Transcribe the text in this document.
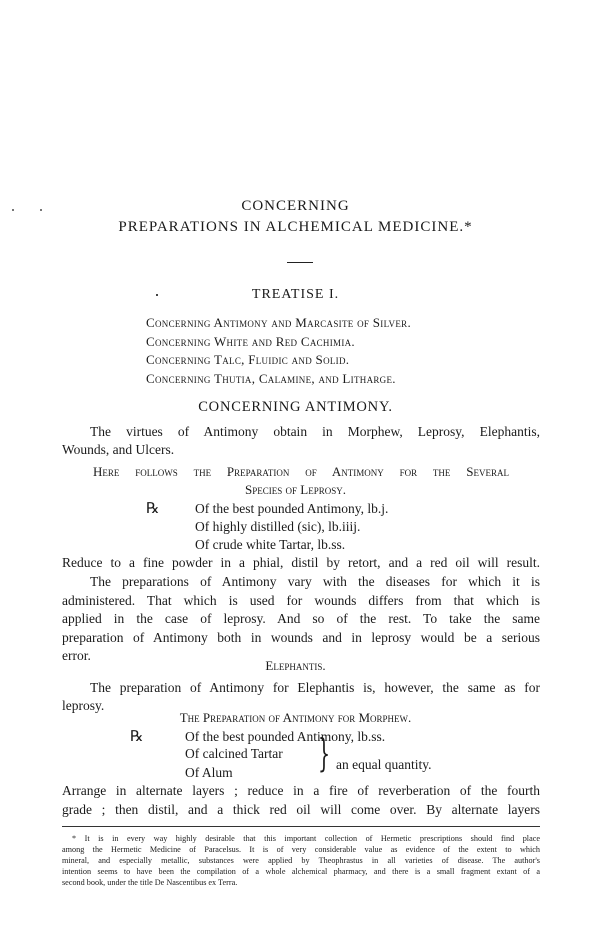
CONCERNING
PREPARATIONS IN ALCHEMICAL MEDICINE.*
TREATISE I.
Concerning Antimony and Marcasite of Silver.
Concerning White and Red Cachimia.
Concerning Talc, Fluidic and Solid.
Concerning Thutia, Calamine, and Litharge.
CONCERNING ANTIMONY.
The virtues of Antimony obtain in Morphew, Leprosy, Elephantis,
Wounds, and Ulcers.
Here follows the Preparation of Antimony for the Several
Species of Leprosy.
℞	Of the best pounded Antimony, lb.j.
Of highly distilled (sic), lb.iiij.
Of crude white Tartar, lb.ss.
Reduce to a fine powder in a phial, distil by retort, and a red oil will result.
The preparations of Antimony vary with the diseases for which it is
administered. That which is used for wounds differs from that which is
applied in the case of leprosy. And so of the rest. To take the same
preparation of Antimony both in wounds and in leprosy would be a serious
error.
Elephantis.
The preparation of Antimony for Elephantis is, however, the same as for
leprosy.
The Preparation of Antimony for Morphew.
℞	Of the best pounded Antimony, lb.ss.
Of calcined Tartar
Of Alum } an equal quantity.
Arrange in alternate layers ; reduce in a fire of reverberation of the fourth
grade ; then distil, and a thick red oil will come over. By alternate layers
* It is in every way highly desirable that this important collection of Hermetic prescriptions should find place
among the Hermetic Medicine of Paracelsus. It is of very considerable value as evidence of the extent to which
mineral, and especially metallic, substances were applied by Theophrastus in all varieties of disease. The author's
intention seems to have been the compilation of a whole alchemical pharmacy, and there is a small fragment extant of a
second book, under the title De Nascentibus ex Terra.
